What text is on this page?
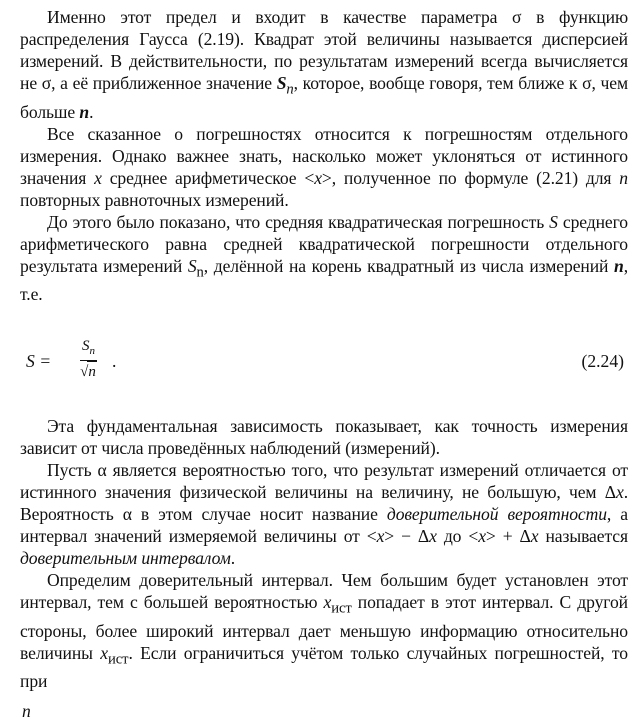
Именно этот предел и входит в качестве параметра σ в функцию распределения Гаусса (2.19). Квадрат этой величины называется дисперсией измерений. В действительности, по результатам измерений всегда вычисляется не σ, а её приближенное значение $S_n$, которое, вообще говоря, тем ближе к σ, чем больше n.

Все сказанное о погрешностях относится к погрешностям отдельного измерения. Однако важнее знать, насколько может уклоняться от истинного значения x среднее арифметическое <x>, полученное по формуле (2.21) для n повторных равноточных измерений.

До этого было показано, что средняя квадратическая погрешность S среднего арифметического равна средней квадратической погрешности отдельного результата измерений $S_n$, делённой на корень квадратный из числа измерений n, т.е.

$S = \frac{S_n}{√n}$ .	(2.24)

Эта фундаментальная зависимость показывает, как точность измерения зависит от числа проведённых наблюдений (измерений).

Пусть α является вероятностью того, что результат измерений отличается от истинного значения физической величины на величину, не большую, чем Δx. Вероятность α в этом случае носит название доверительной вероятности, а интервал значений измеряемой величины от <x> − Δx до <x> + Δx называется доверительным интервалом.

Определим доверительный интервал. Чем большим будет установлен этот интервал, тем с большей вероятностью $x_{ист}$ попадает в этот интервал. С другой стороны, более широкий интервал дает меньшую информацию относительно величины $x_{ист}$. Если ограничиться учётом только случайных погрешностей, то при

n
